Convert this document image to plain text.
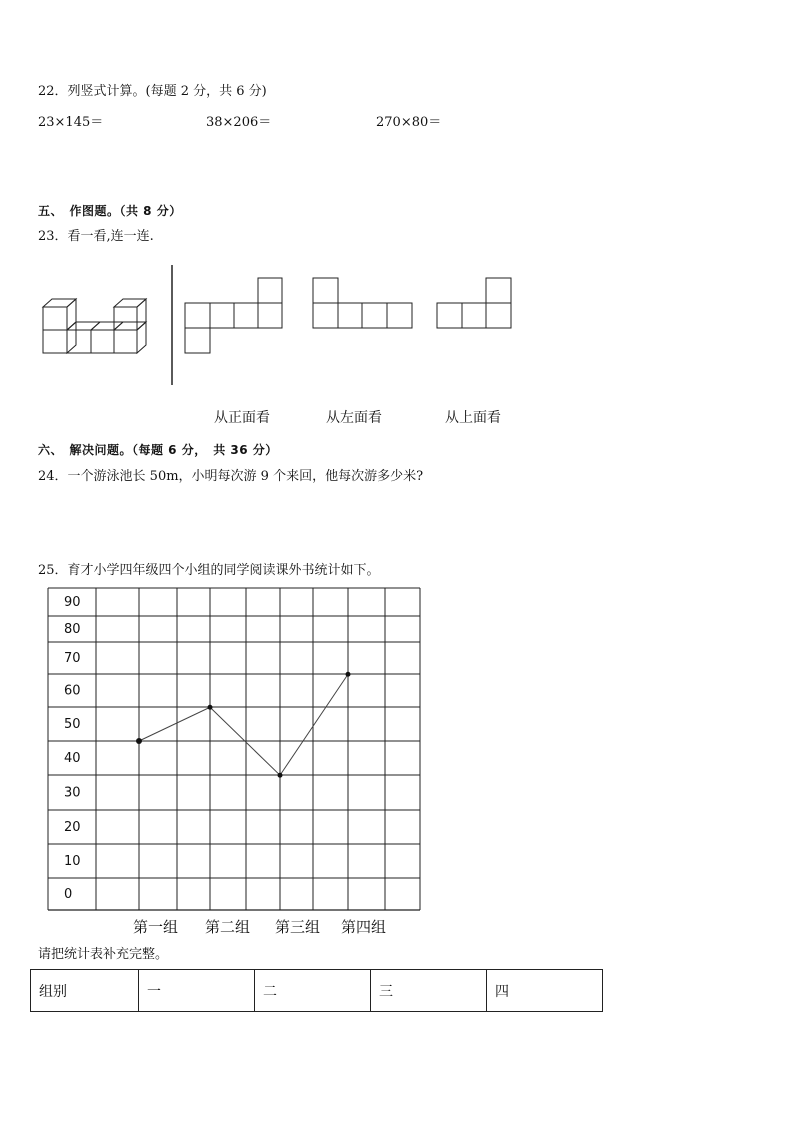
22．列竖式计算。(每题 2 分，共 6 分)
23×145＝	38×206＝	270×80＝
五、　作图题。（共 8 分）
23．看一看,连一连.
从正面看	从左面看	从上面看
六、　解决问题。（每题 6 分，　共 36 分）
24．一个游泳池长 50m，小明每次游 9 个来回，他每次游多少米?
25．育才小学四年级四个小组的同学阅读课外书统计如下。
90
80
70
60
50
40
30
20
10
0
第一组 第二组 第三组 第四组
请把统计表补充完整。
组别	一	二	三	四
